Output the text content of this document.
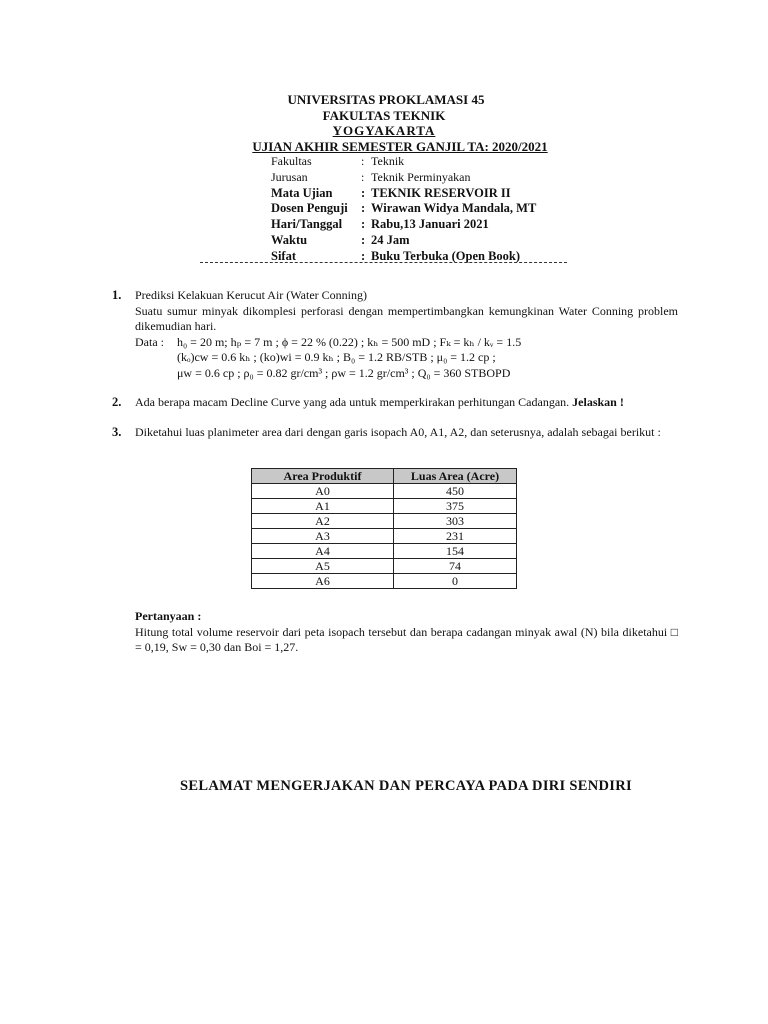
UNIVERSITAS PROKLAMASI 45
FAKULTAS TEKNIK
YOGYAKARTA
UJIAN AKHIR SEMESTER GANJIL TA: 2020/2021
Fakultas	: Teknik
Jurusan	: Teknik Perminyakan
Mata Ujian	: TEKNIK RESERVOIR II
Dosen Penguji	: Wirawan Widya Mandala, MT
Hari/Tanggal	: Rabu,13 Januari 2021
Waktu	: 24 Jam
Sifat	: Buku Terbuka (Open Book)
1. Prediksi Kelakuan Kerucut Air (Water Conning)
Suatu sumur minyak dikomplesi perforasi dengan mempertimbangkan kemungkinan Water Conning problem dikemudian hari.
Data :	h₀ = 20 m; hₚ = 7 m ; ϕ = 22 % (0.22) ; kₕ = 500 mD ; Fₖ = kₕ / kᵥ = 1.5
(kₒ)cw = 0.6 kₕ ; (ko)wi = 0.9 kₕ ; B₀ = 1.2 RB/STB ; μ₀ = 1.2 cp ;
μw = 0.6 cp ; ρ₀ = 0.82 gr/cm³ ; ρw = 1.2 gr/cm³ ; Q₀ = 360 STBOPD
2. Ada berapa macam Decline Curve yang ada untuk memperkirakan perhitungan Cadangan. Jelaskan !
3. Diketahui luas planimeter area dari dengan garis isopach A0, A1, A2, dan seterusnya, adalah sebagai berikut :
Area Produktif	Luas Area (Acre)
A0	450
A1	375
A2	303
A3	231
A4	154
A5	74
A6	0
Pertanyaan :
Hitung total volume reservoir dari peta isopach tersebut dan berapa cadangan minyak awal (N) bila diketahui □ = 0,19, Sw = 0,30 dan Boi = 1,27.
SELAMAT MENGERJAKAN DAN PERCAYA PADA DIRI SENDIRI
